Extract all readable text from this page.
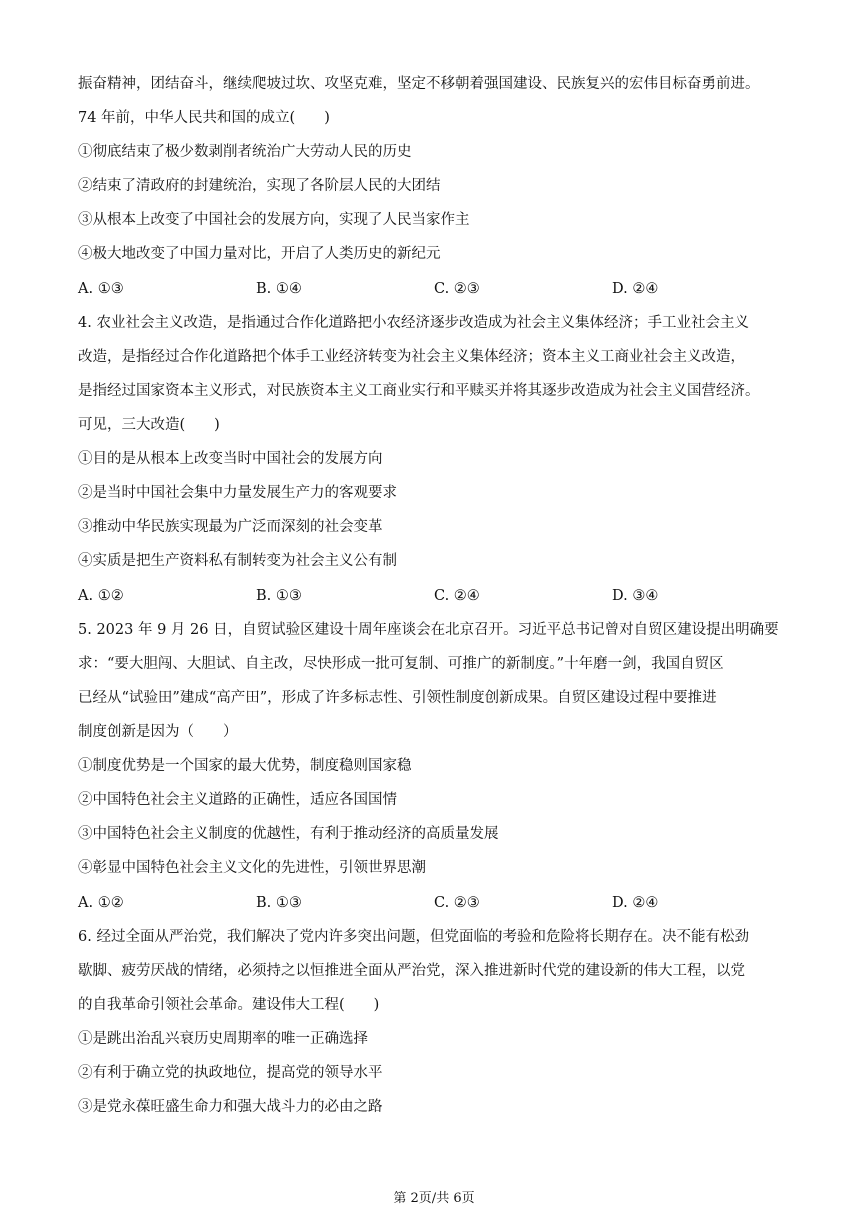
振奋精神，团结奋斗，继续爬坡过坎、攻坚克难，坚定不移朝着强国建设、民族复兴的宏伟目标奋勇前进。
74 年前，中华人民共和国的成立(　　)
①彻底结束了极少数剥削者统治广大劳动人民的历史
②结束了清政府的封建统治，实现了各阶层人民的大团结
③从根本上改变了中国社会的发展方向，实现了人民当家作主
④极大地改变了中国力量对比，开启了人类历史的新纪元
A. ①③	B. ①④	C. ②③	D. ②④
4. 农业社会主义改造，是指通过合作化道路把小农经济逐步改造成为社会主义集体经济；手工业社会主义
改造，是指经过合作化道路把个体手工业经济转变为社会主义集体经济；资本主义工商业社会主义改造，
是指经过国家资本主义形式，对民族资本主义工商业实行和平赎买并将其逐步改造成为社会主义国营经济。
可见，三大改造(　　)
①目的是从根本上改变当时中国社会的发展方向
②是当时中国社会集中力量发展生产力的客观要求
③推动中华民族实现最为广泛而深刻的社会变革
④实质是把生产资料私有制转变为社会主义公有制
A. ①②	B. ①③	C. ②④	D. ③④
5. 2023 年 9 月 26 日，自贸试验区建设十周年座谈会在北京召开。习近平总书记曾对自贸区建设提出明确要
求：“要大胆闯、大胆试、自主改，尽快形成一批可复制、可推广的新制度。”十年磨一剑，我国自贸区
已经从“试验田”建成“高产田”，形成了许多标志性、引领性制度创新成果。自贸区建设过程中要推进
制度创新是因为（　　）
①制度优势是一个国家的最大优势，制度稳则国家稳
②中国特色社会主义道路的正确性，适应各国国情
③中国特色社会主义制度的优越性，有利于推动经济的高质量发展
④彰显中国特色社会主义文化的先进性，引领世界思潮
A. ①②	B. ①③	C. ②③	D. ②④
6. 经过全面从严治党，我们解决了党内许多突出问题，但党面临的考验和危险将长期存在。决不能有松劲
歇脚、疲劳厌战的情绪，必须持之以恒推进全面从严治党，深入推进新时代党的建设新的伟大工程，以党
的自我革命引领社会革命。建设伟大工程(　　)
①是跳出治乱兴衰历史周期率的唯一正确选择
②有利于确立党的执政地位，提高党的领导水平
③是党永葆旺盛生命力和强大战斗力的必由之路
第 2页/共 6页
